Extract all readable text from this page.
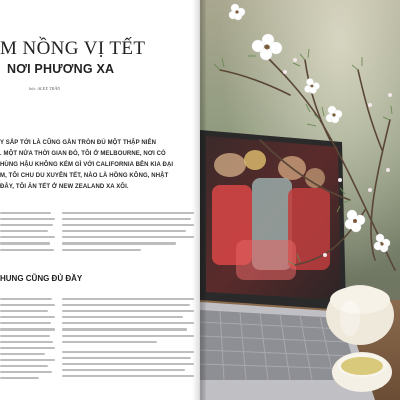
M NỒNG VỊ TẾT
NƠI PHƯƠNG XA
bài: ALEX TRẦN
Y SẮP TỚI LÀ CŨNG GẦN TRÒN ĐÚ MỘT THẬP NIÊN
. MỘT NỬA THỜI GIAN ĐÓ, TÔI Ở MELBOURNE, NƠI CÓ
HÙNG HẬU KHÔNG KÉM GÌ VỚI CALIFORNIA BÊN KIA ĐẠI
M, TÔI CHU DU XUYÊN TẾT, NÀO LÀ HỒNG KÔNG, NHẬT
ĐÂY, TÔI ĂN TẾT Ở NEW ZEALAND XA XÔI.
HUNG CŨNG ĐỦ ĐẦY
